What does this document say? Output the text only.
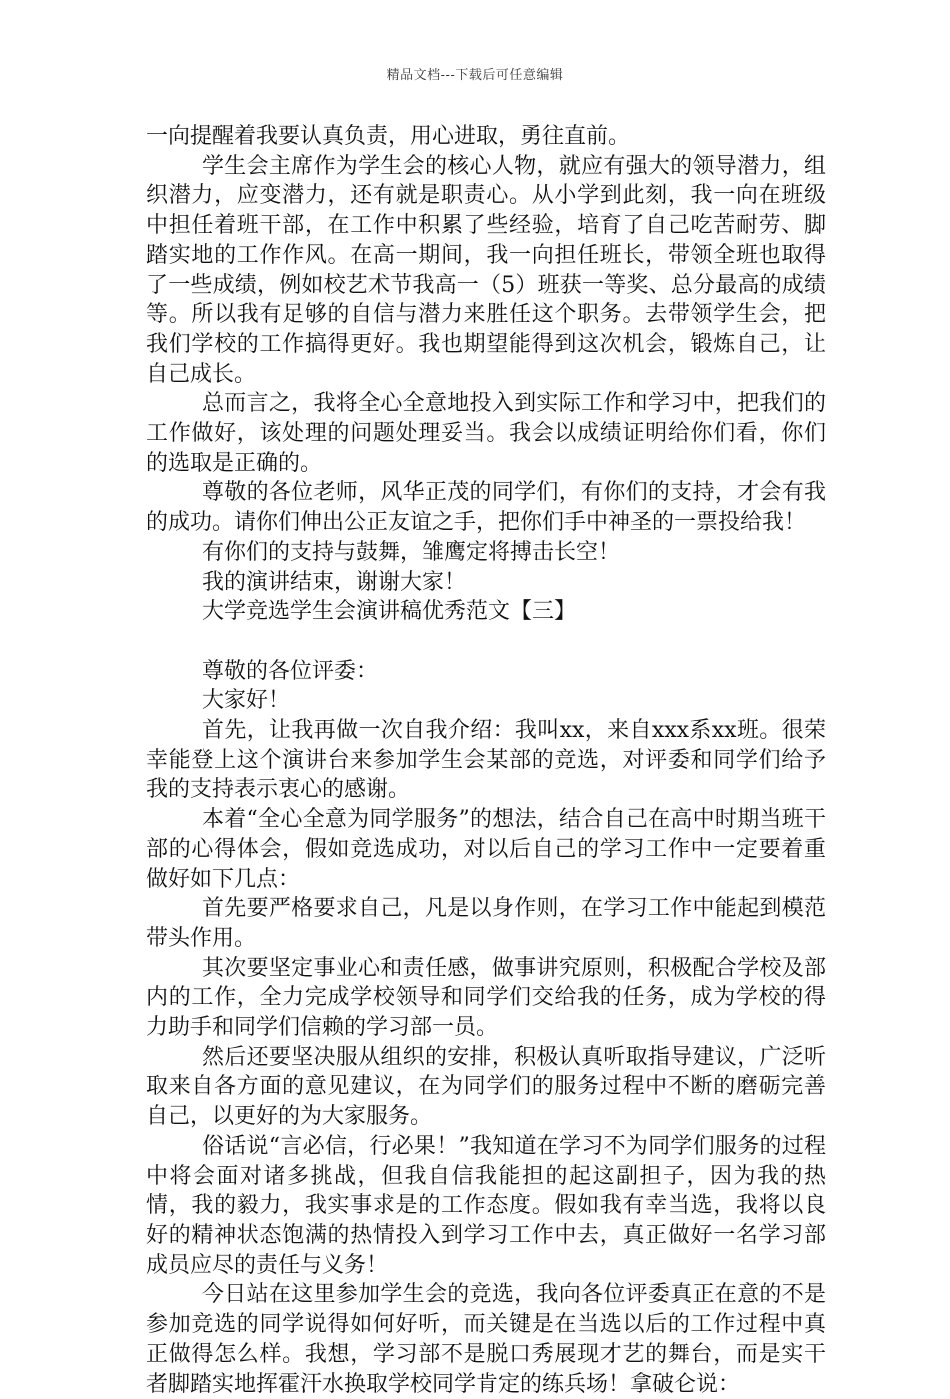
精品文档---下载后可任意编辑

一向提醒着我要认真负责，用心进取，勇往直前。

学生会主席作为学生会的核心人物，就应有强大的领导潜力，组织潜力，应变潜力，还有就是职责心。从小学到此刻，我一向在班级中担任着班干部，在工作中积累了些经验，培育了自己吃苦耐劳、脚踏实地的工作作风。在高一期间，我一向担任班长，带领全班也取得了一些成绩，例如校艺术节我高一（5）班获一等奖、总分最高的成绩等。所以我有足够的自信与潜力来胜任这个职务。去带领学生会，把我们学校的工作搞得更好。我也期望能得到这次机会，锻炼自己，让自己成长。

总而言之，我将全心全意地投入到实际工作和学习中，把我们的工作做好，该处理的问题处理妥当。我会以成绩证明给你们看，你们的选取是正确的。

尊敬的各位老师，风华正茂的同学们，有你们的支持，才会有我的成功。请你们伸出公正友谊之手，把你们手中神圣的一票投给我！

有你们的支持与鼓舞，雏鹰定将搏击长空！

我的演讲结束，谢谢大家！

大学竞选学生会演讲稿优秀范文【三】

尊敬的各位评委：

大家好！

首先，让我再做一次自我介绍：我叫xx，来自xxx系xx班。很荣幸能登上这个演讲台来参加学生会某部的竞选，对评委和同学们给予我的支持表示衷心的感谢。

本着“全心全意为同学服务”的想法，结合自己在高中时期当班干部的心得体会，假如竞选成功，对以后自己的学习工作中一定要着重做好如下几点：

首先要严格要求自己，凡是以身作则，在学习工作中能起到模范带头作用。

其次要坚定事业心和责任感，做事讲究原则，积极配合学校及部内的工作，全力完成学校领导和同学们交给我的任务，成为学校的得力助手和同学们信赖的学习部一员。

然后还要坚决服从组织的安排，积极认真听取指导建议，广泛听取来自各方面的意见建议，在为同学们的服务过程中不断的磨砺完善自己，以更好的为大家服务。

俗话说“言必信，行必果！”我知道在学习不为同学们服务的过程中将会面对诸多挑战，但我自信我能担的起这副担子，因为我的热情，我的毅力，我实事求是的工作态度。假如我有幸当选，我将以良好的精神状态饱满的热情投入到学习工作中去，真正做好一名学习部成员应尽的责任与义务！

今日站在这里参加学生会的竞选，我向各位评委真正在意的不是参加竞选的同学说得如何好听，而关键是在当选以后的工作过程中真正做得怎么样。我想，学习部不是脱口秀展现才艺的舞台，而是实干者脚踏实地挥霍汗水换取学校同学肯定的练兵场！拿破仑说：
